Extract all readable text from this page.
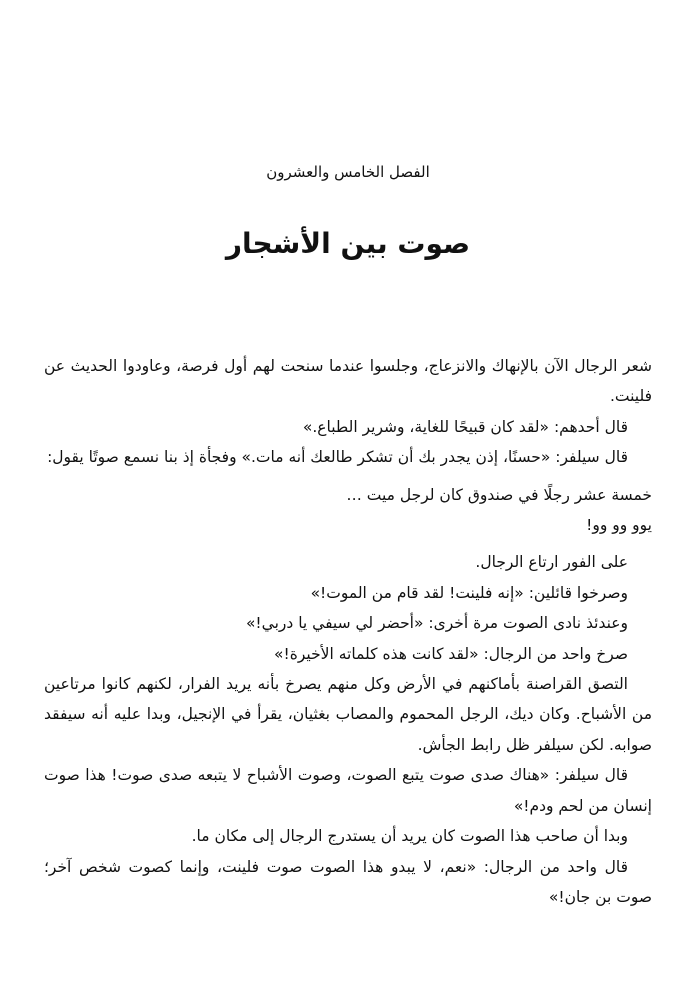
الفصل الخامس والعشرون
صوت بين الأشجار

شعر الرجال الآن بالإنهاك والانزعاج، وجلسوا عندما سنحت لهم أول فرصة، وعاودوا الحديث عن فلينت.

قال أحدهم: «لقد كان قبيحًا للغاية، وشرير الطباع.»

قال سيلفر: «حسنًا، إذن يجدر بك أن تشكر طالعك أنه مات.» وفجأة إذ بنا نسمع صوتًا يقول:

خمسة عشر رجلًا في صندوق كان لرجل ميت …

يوو وو وو!

على الفور ارتاع الرجال.

وصرخوا قائلين: «إنه فلينت! لقد قام من الموت!»

وعندئذ نادى الصوت مرة أخرى: «أحضر لي سيفي يا دربي!»

صرخ واحد من الرجال: «لقد كانت هذه كلماته الأخيرة!»

التصق القراصنة بأماكنهم في الأرض وكل منهم يصرخ بأنه يريد الفرار، لكنهم كانوا مرتاعين من الأشباح. وكان ديك، الرجل المحموم والمصاب بغثيان، يقرأ في الإنجيل، وبدا عليه أنه سيفقد صوابه. لكن سيلفر ظل رابط الجأش.

قال سيلفر: «هناك صدى صوت يتبع الصوت، وصوت الأشباح لا يتبعه صدى صوت! هذا صوت إنسان من لحم ودم!»

وبدا أن صاحب هذا الصوت كان يريد أن يستدرج الرجال إلى مكان ما.

قال واحد من الرجال: «نعم، لا يبدو هذا الصوت صوت فلينت، وإنما كصوت شخص آخر؛ صوت بن جان!»
